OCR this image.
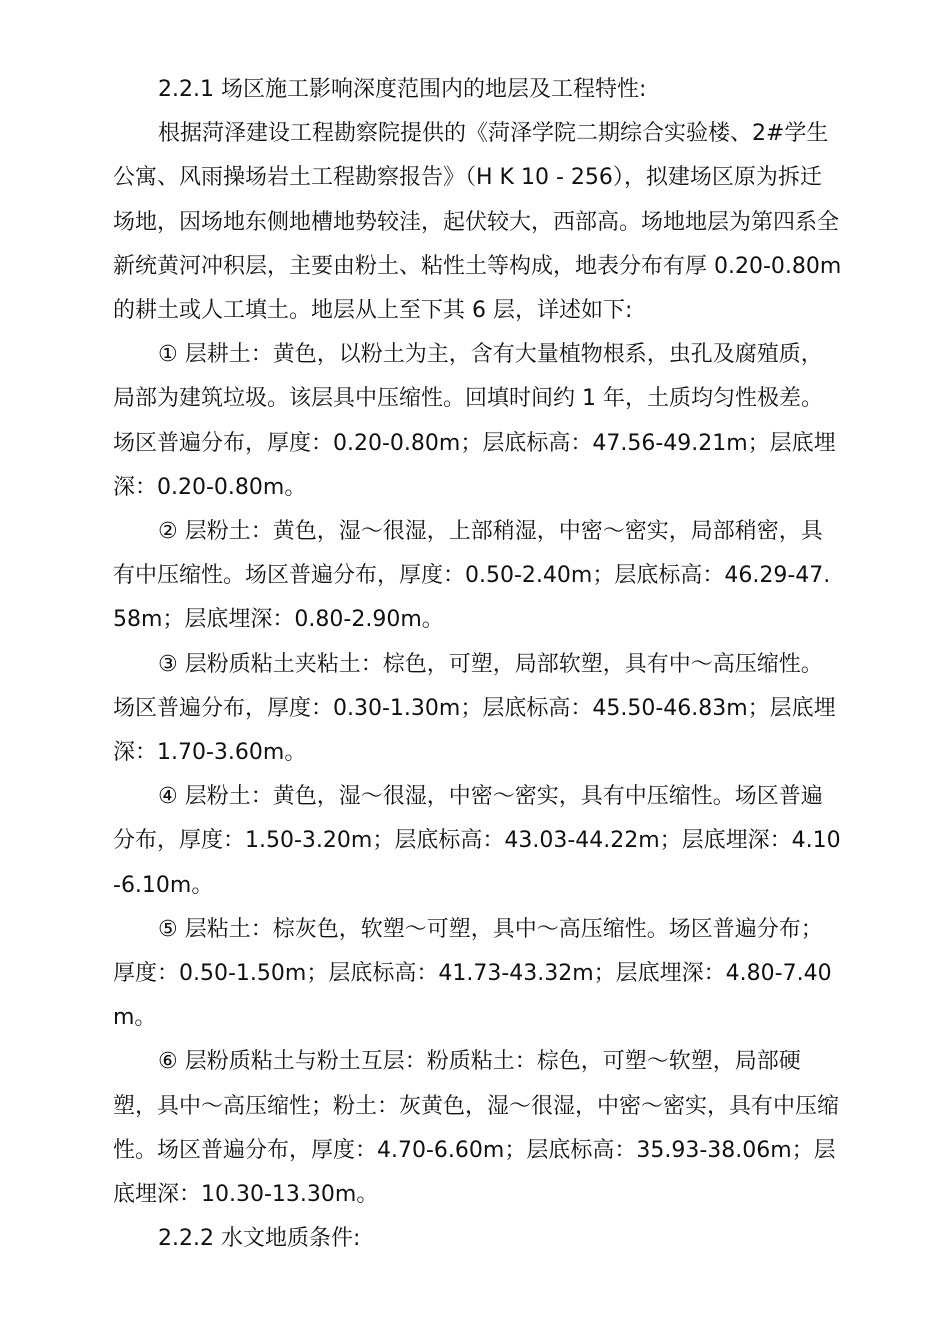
2.2.1 场区施工影响深度范围内的地层及工程特性:

根据菏泽建设工程勘察院提供的《菏泽学院二期综合实验楼、2#学生公寓、风雨操场岩土工程勘察报告》（H K 10 - 256），拟建场区原为拆迁场地，因场地东侧地槽地势较洼，起伏较大，西部高。场地地层为第四系全新统黄河冲积层，主要由粉土、粘性土等构成，地表分布有厚 0.20-0.80m 的耕土或人工填土。地层从上至下其 6 层，详述如下:

① 层耕土：黄色，以粉土为主，含有大量植物根系，虫孔及腐殖质，局部为建筑垃圾。该层具中压缩性。回填时间约 1 年，土质均匀性极差。场区普遍分布，厚度：0.20-0.80m；层底标高：47.56-49.21m；层底埋深：0.20-0.80m。

② 层粉土：黄色，湿～很湿，上部稍湿，中密～密实，局部稍密，具有中压缩性。场区普遍分布，厚度：0.50-2.40m；层底标高：46.29-47.58m；层底埋深：0.80-2.90m。

③ 层粉质粘土夹粘土：棕色，可塑，局部软塑，具有中～高压缩性。场区普遍分布，厚度：0.30-1.30m；层底标高：45.50-46.83m；层底埋深：1.70-3.60m。

④ 层粉土：黄色，湿～很湿，中密～密实，具有中压缩性。场区普遍分布，厚度：1.50-3.20m；层底标高：43.03-44.22m；层底埋深：4.10-6.10m。

⑤ 层粘土：棕灰色，软塑～可塑，具中～高压缩性。场区普遍分布；厚度：0.50-1.50m；层底标高：41.73-43.32m；层底埋深：4.80-7.40m。

⑥ 层粉质粘土与粉土互层：粉质粘土：棕色，可塑～软塑，局部硬塑，具中～高压缩性；粉土：灰黄色，湿～很湿，中密～密实，具有中压缩性。场区普遍分布，厚度：4.70-6.60m；层底标高：35.93-38.06m；层底埋深：10.30-13.30m。

2.2.2 水文地质条件:
